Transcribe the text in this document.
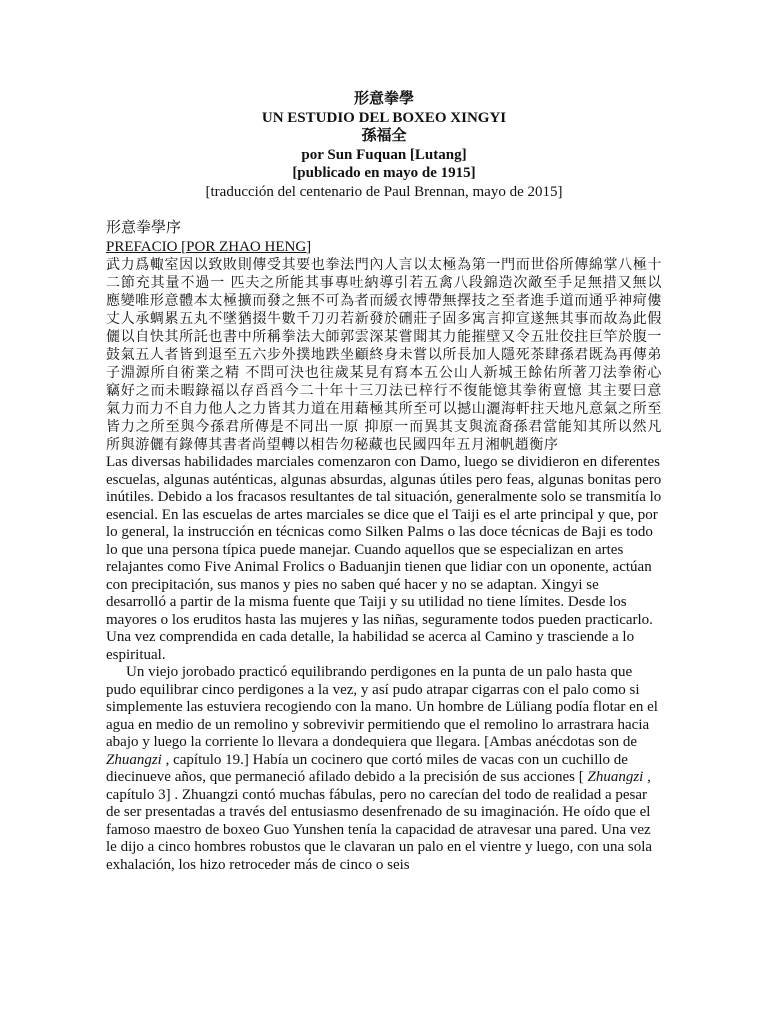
形意拳學
UN ESTUDIO DEL BOXEO XINGYI
孫福全
por Sun Fuquan [Lutang]
[publicado en mayo de 1915]
[traducción del centenario de Paul Brennan, mayo de 2015]
形意拳學序
PREFACIO [POR ZHAO HENG]
武力爲輙室因以致敗則傳受其要也拳法門內人言以太極為第一門而世俗所傳綿掌八極十二節充其量不過一 匹夫之所能其事專吐納導引若五禽八段錦造次敵至手足無措又無以應變唯形意體本太極擴而發之無不可為者而緩衣博帶無擇技之至者進手道而通乎神疴僂丈人承蜩累五丸不墜猶掇牛數千刀刃若新發於硎莊子固多寓言抑宣遂無其事而故為此假儷以自快其所託也書中所稱拳法大師郭雲深某嘗聞其力能摧壁又令五壯佼拄巨竿於腹一鼓氣五人者皆到退至五六步外撲地跌坐顧終身未嘗以所長加人隱死茶肆孫君既為再傳弟子淵源所自術業之精 不問可決也往歲某見有寫本五公山人新城王餘佑所著刀法拳術心竊好之而未暇錄福以存舀舀今二十年十三刀法已梓行不復能憶其拳術亶憶 其主要曰意氣力而力不自力他人之力皆其力道在用藉極其所至可以撼山灑海軒拄天地凡意氣之所至皆力之所至與今孫君所傳是不同出一原 抑原一而異其支與流裔孫君當能知其所以然凡所與游儷有錄傳其書者尚望轉以相告勿秘藏也民國四年五月湘帆趙衡序

Las diversas habilidades marciales comenzaron con Damo, luego se dividieron en diferentes escuelas, algunas auténticas, algunas absurdas, algunas útiles pero feas, algunas bonitas pero inútiles. Debido a los fracasos resultantes de tal situación, generalmente solo se transmitía lo esencial. En las escuelas de artes marciales se dice que el Taiji es el arte principal y que, por lo general, la instrucción en técnicas como Silken Palms o las doce técnicas de Baji es todo lo que una persona típica puede manejar. Cuando aquellos que se especializan en artes relajantes como Five Animal Frolics o Baduanjin tienen que lidiar con un oponente, actúan con precipitación, sus manos y pies no saben qué hacer y no se adaptan. Xingyi se desarrolló a partir de la misma fuente que Taiji y su utilidad no tiene límites. Desde los mayores o los eruditos hasta las mujeres y las niñas, seguramente todos pueden practicarlo. Una vez comprendida en cada detalle, la habilidad se acerca al Camino y trasciende a lo espiritual.

Un viejo jorobado practicó equilibrando perdigones en la punta de un palo hasta que pudo equilibrar cinco perdigones a la vez, y así pudo atrapar cigarras con el palo como si simplemente las estuviera recogiendo con la mano. Un hombre de Lüliang podía flotar en el agua en medio de un remolino y sobrevivir permitiendo que el remolino lo arrastrara hacia abajo y luego la corriente lo llevara a dondequiera que llegara. [Ambas anécdotas son de Zhuangzi , capítulo 19.] Había un cocinero que cortó miles de vacas con un cuchillo de diecinueve años, que permaneció afilado debido a la precisión de sus acciones [ Zhuangzi , capítulo 3] . Zhuangzi contó muchas fábulas, pero no carecían del todo de realidad a pesar de ser presentadas a través del entusiasmo desenfrenado de su imaginación. He oído que el famoso maestro de boxeo Guo Yunshen tenía la capacidad de atravesar una pared. Una vez le dijo a cinco hombres robustos que le clavaran un palo en el vientre y luego, con una sola exhalación, los hizo retroceder más de cinco o seis
